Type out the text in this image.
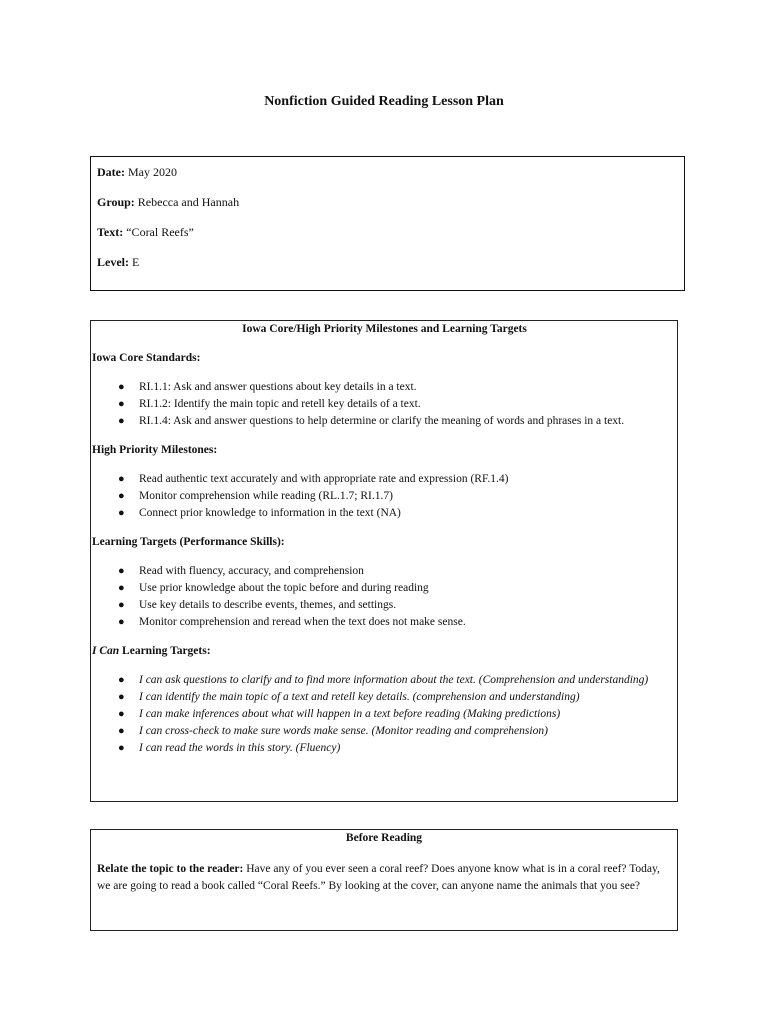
Nonfiction Guided Reading Lesson Plan

Date: May 2020

Group: Rebecca and Hannah

Text: “Coral Reefs”

Level: E

Iowa Core/High Priority Milestones and Learning Targets

Iowa Core Standards:

● RI.1.1: Ask and answer questions about key details in a text.
● RI.1.2: Identify the main topic and retell key details of a text.
● RI.1.4: Ask and answer questions to help determine or clarify the meaning of words and phrases in a text.

High Priority Milestones:

● Read authentic text accurately and with appropriate rate and expression (RF.1.4)
● Monitor comprehension while reading (RL.1.7; RI.1.7)
● Connect prior knowledge to information in the text (NA)

Learning Targets (Performance Skills):

● Read with fluency, accuracy, and comprehension
● Use prior knowledge about the topic before and during reading
● Use key details to describe events, themes, and settings.
● Monitor comprehension and reread when the text does not make sense.

I Can Learning Targets:

● I can ask questions to clarify and to find more information about the text. (Comprehension and understanding)
● I can identify the main topic of a text and retell key details. (comprehension and understanding)
● I can make inferences about what will happen in a text before reading (Making predictions)
● I can cross-check to make sure words make sense. (Monitor reading and comprehension)
● I can read the words in this story. (Fluency)

Before Reading

Relate the topic to the reader: Have any of you ever seen a coral reef? Does anyone know what is in a coral reef? Today, we are going to read a book called “Coral Reefs.” By looking at the cover, can anyone name the animals that you see?
